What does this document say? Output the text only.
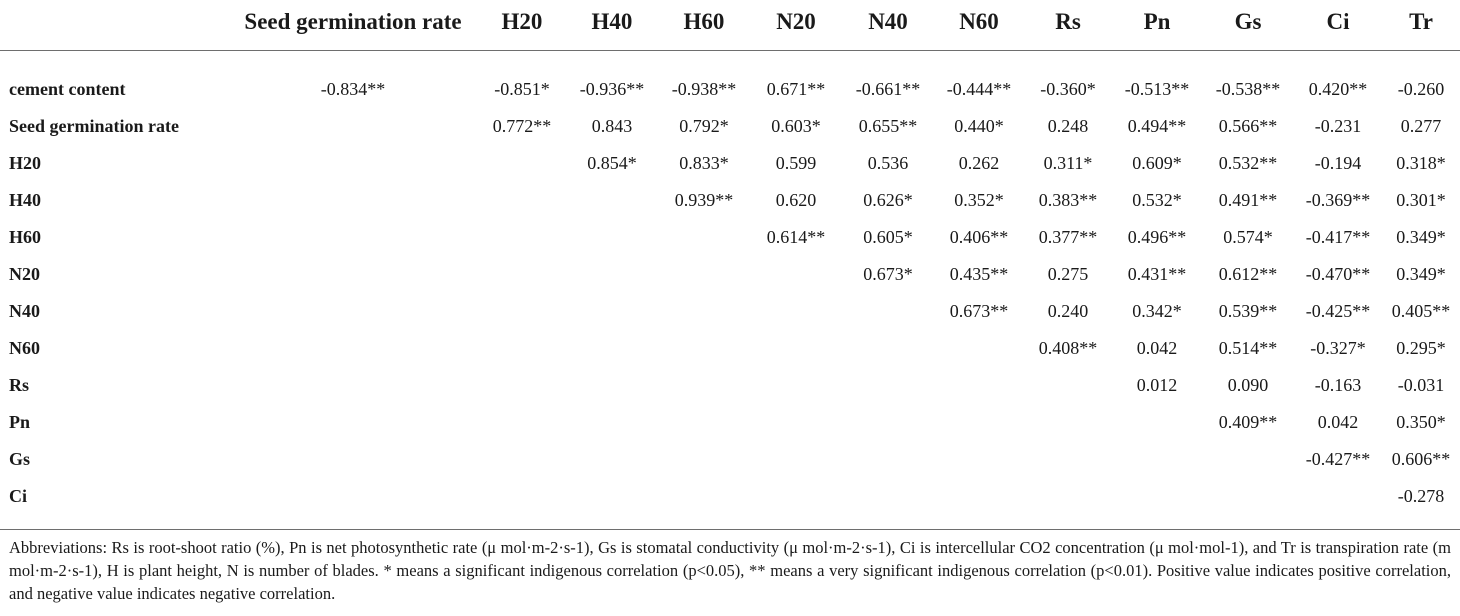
	Seed germination rate	H20	H40	H60	N20	N40	N60	Rs	Pn	Gs	Ci	Tr
cement content	-0.834**	-0.851*	-0.936**	-0.938**	0.671**	-0.661**	-0.444**	-0.360*	-0.513**	-0.538**	0.420**	-0.260
Seed germination rate		0.772**	0.843	0.792*	0.603*	0.655**	0.440*	0.248	0.494**	0.566**	-0.231	0.277
H20			0.854*	0.833*	0.599	0.536	0.262	0.311*	0.609*	0.532**	-0.194	0.318*
H40				0.939**	0.620	0.626*	0.352*	0.383**	0.532*	0.491**	-0.369**	0.301*
H60					0.614**	0.605*	0.406**	0.377**	0.496**	0.574*	-0.417**	0.349*
N20						0.673*	0.435**	0.275	0.431**	0.612**	-0.470**	0.349*
N40							0.673**	0.240	0.342*	0.539**	-0.425**	0.405**
N60								0.408**	0.042	0.514**	-0.327*	0.295*
Rs									0.012	0.090	-0.163	-0.031
Pn										0.409**	0.042	0.350*
Gs											-0.427**	0.606**
Ci												-0.278
Abbreviations: Rs is root-shoot ratio (%), Pn is net photosynthetic rate (μ mol·m-2·s-1), Gs is stomatal conductivity (μ mol·m-2·s-1), Ci is intercellular CO2 concentration (μ mol·mol-1), and Tr is transpiration rate (m mol·m-2·s-1), H is plant height, N is number of blades. * means a significant indigenous correlation (p<0.05), ** means a very significant indigenous correlation (p<0.01). Positive value indicates positive correlation, and negative value indicates negative correlation.
